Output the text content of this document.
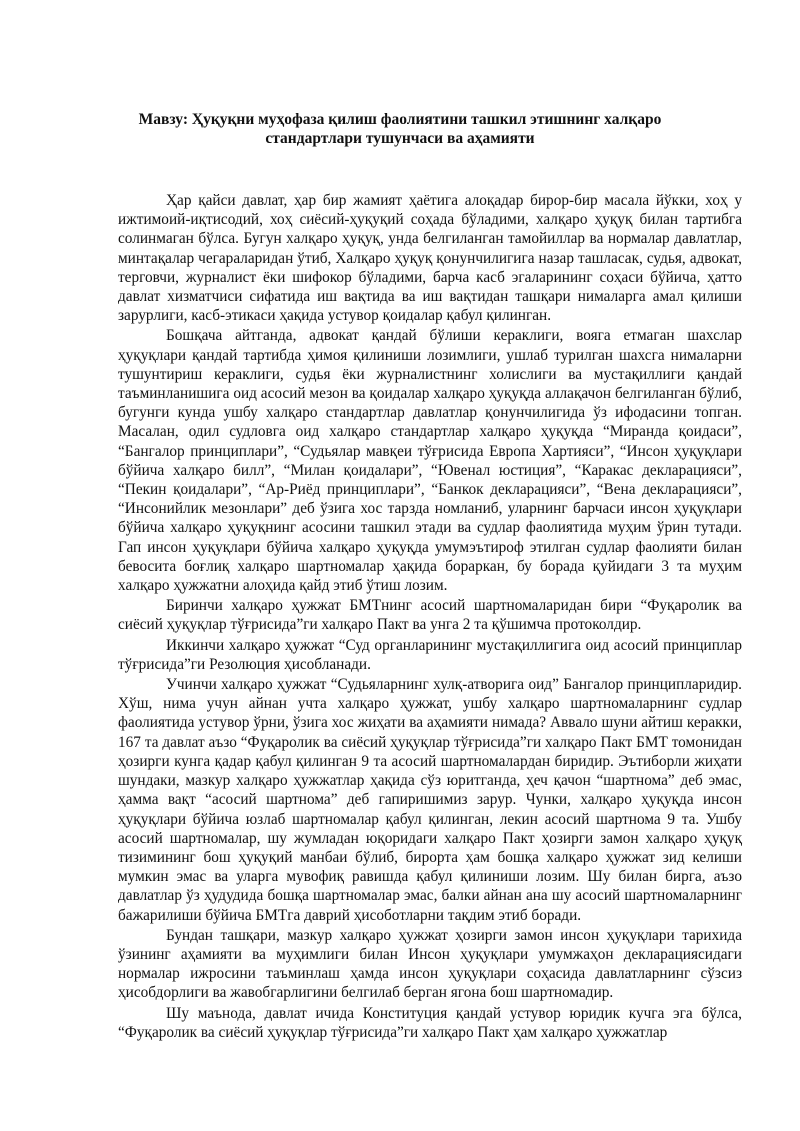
Мавзу: Ҳуқуқни муҳофаза қилиш фаолиятини ташкил этишнинг халқаро
стандартлари тушунчаси ва аҳамияти

Ҳар қайси давлат, ҳар бир жамият ҳаётига алоқадар бирор-бир масала йўкки, хоҳ у ижтимоий-иқтисодий, хоҳ сиёсий-ҳуқуқий соҳада бўладими, халқаро ҳуқуқ билан тартибга солинмаган бўлса. Бугун халқаро ҳуқуқ, унда белгиланган тамойиллар ва нормалар давлатлар, минтақалар чегараларидан ўтиб, Халқаро ҳуқуқ қонунчилигига назар ташласак, судья, адвокат, терговчи, журналист ёки шифокор бўладими, барча касб эгаларининг соҳаси бўйича, ҳатто давлат хизматчиси сифатида иш вақтида ва иш вақтидан ташқари нималарга амал қилиши зарурлиги, касб-этикаси ҳақида устувор қоидалар қабул қилинган.

Бошқача айтганда, адвокат қандай бўлиши кераклиги, вояга етмаган шахслар ҳуқуқлари қандай тартибда ҳимоя қилиниши лозимлиги, ушлаб турилган шахсга нималарни тушунтириш кераклиги, судья ёки журналистнинг холислиги ва мустақиллиги қандай таъминланишига оид асосий мезон ва қоидалар халқаро ҳуқуқда аллақачон белгиланган бўлиб, бугунги кунда ушбу халқаро стандартлар давлатлар қонунчилигида ўз ифодасини топган. Масалан, одил судловга оид халқаро стандартлар халқаро ҳуқуқда “Миранда қоидаси”, “Бангалор принциплари”, “Судьялар мавқеи тўғрисида Европа Хартияси”, “Инсон ҳуқуқлари бўйича халқаро билл”, “Милан қоидалари”, “Ювенал юстиция”, “Каракас декларацияси”, “Пекин қоидалари”, “Ар-Риёд принциплари”, “Банкок декларацияси”, “Вена декларацияси”, “Инсонийлик мезонлари” деб ўзига хос тарзда номланиб, уларнинг барчаси инсон ҳуқуқлари бўйича халқаро ҳуқуқнинг асосини ташкил этади ва судлар фаолиятида муҳим ўрин тутади. Гап инсон ҳуқуқлари бўйича халқаро ҳуқуқда умумэътироф этилган судлар фаолияти билан бевосита боғлиқ халқаро шартномалар ҳақида бораркан, бу борада қуйидаги 3 та муҳим халқаро ҳужжатни алоҳида қайд этиб ўтиш лозим.

Биринчи халқаро ҳужжат БМТнинг асосий шартномаларидан бири “Фуқаролик ва сиёсий ҳуқуқлар тўғрисида”ги халқаро Пакт ва унга 2 та қўшимча протоколдир.

Иккинчи халқаро ҳужжат “Суд органларининг мустақиллигига оид асосий принциплар тўғрисида”ги Резолюция ҳисобланади.

Учинчи халқаро ҳужжат “Судьяларнинг хулқ-атворига оид” Бангалор принципларидир. Хўш, нима учун айнан учта халқаро ҳужжат, ушбу халқаро шартномаларнинг судлар фаолиятида устувор ўрни, ўзига хос жиҳати ва аҳамияти нимада? Аввало шуни айтиш керакки, 167 та давлат аъзо “Фуқаролик ва сиёсий ҳуқуқлар тўғрисида”ги халқаро Пакт БМТ томонидан ҳозирги кунга қадар қабул қилинган 9 та асосий шартномалардан биридир. Эътиборли жиҳати шундаки, мазкур халқаро ҳужжатлар ҳақида сўз юритганда, ҳеч қачон “шартнома” деб эмас, ҳамма вақт “асосий шартнома” деб гапиришимиз зарур. Чунки, халқаро ҳуқуқда инсон ҳуқуқлари бўйича юзлаб шартномалар қабул қилинган, лекин асосий шартнома 9 та. Ушбу асосий шартномалар, шу жумладан юқоридаги халқаро Пакт ҳозирги замон халқаро ҳуқуқ тизимининг бош ҳуқуқий манбаи бўлиб, бирорта ҳам бошқа халқаро ҳужжат зид келиши мумкин эмас ва уларга мувофиқ равишда қабул қилиниши лозим. Шу билан бирга, аъзо давлатлар ўз ҳудудида бошқа шартномалар эмас, балки айнан ана шу асосий шартномаларнинг бажарилиши бўйича БМТга даврий ҳисоботларни тақдим этиб боради.

Бундан ташқари, мазкур халқаро ҳужжат ҳозирги замон инсон ҳуқуқлари тарихида ўзининг аҳамияти ва муҳимлиги билан Инсон ҳуқуқлари умумжаҳон декларациясидаги нормалар ижросини таъминлаш ҳамда инсон ҳуқуқлари соҳасида давлатларнинг сўзсиз ҳисобдорлиги ва жавобгарлигини белгилаб берган ягона бош шартномадир.

Шу маънода, давлат ичида Конституция қандай устувор юридик кучга эга бўлса, “Фуқаролик ва сиёсий ҳуқуқлар тўғрисида”ги халқаро Пакт ҳам халқаро ҳужжатлар
